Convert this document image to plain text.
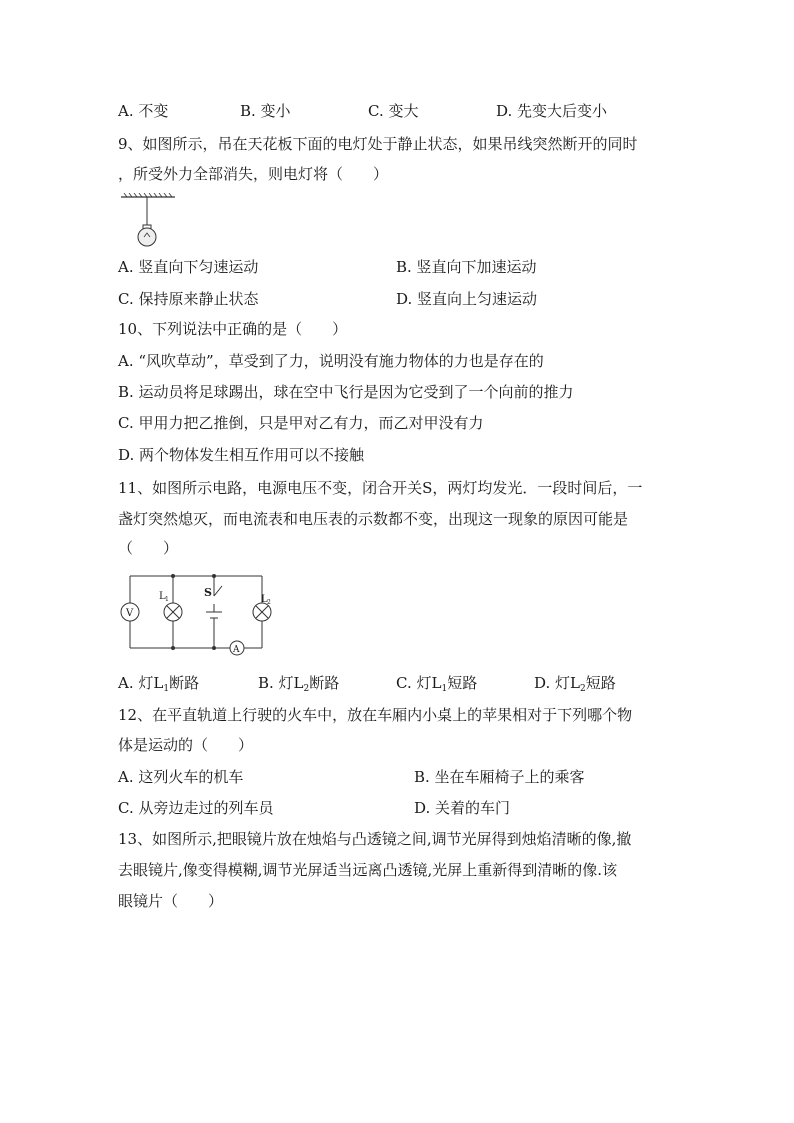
A. 不变	B. 变小	C. 变大	D. 先变大后变小
9、如图所示，吊在天花板下面的电灯处于静止状态，如果吊线突然断开的同时
，所受外力全部消失，则电灯将（　　）
A. 竖直向下匀速运动	B. 竖直向下加速运动
C. 保持原来静止状态	D. 竖直向上匀速运动
10、下列说法中正确的是（　　）
A. “风吹草动”，草受到了力，说明没有施力物体的力也是存在的
B. 运动员将足球踢出，球在空中飞行是因为它受到了一个向前的推力
C. 甲用力把乙推倒，只是甲对乙有力，而乙对甲没有力
D. 两个物体发生相互作用可以不接触
11、如图所示电路，电源电压不变，闭合开关S，两灯均发光．一段时间后，一
盏灯突然熄灭，而电流表和电压表的示数都不变，出现这一现象的原因可能是
（　　）
V
A
S
L 1	L 2
A. 灯$L_1$断路	B. 灯$L_2$断路	C. 灯$L_1$短路	D. 灯$L_2$短路
12、在平直轨道上行驶的火车中，放在车厢内小桌上的苹果相对于下列哪个物
体是运动的（　　）
A. 这列火车的机车	B. 坐在车厢椅子上的乘客
C. 从旁边走过的列车员	D. 关着的车门
13、如图所示,把眼镜片放在烛焰与凸透镜之间,调节光屏得到烛焰清晰的像,撤
去眼镜片,像变得模糊,调节光屏适当远离凸透镜,光屏上重新得到清晰的像.该
眼镜片（　　）
